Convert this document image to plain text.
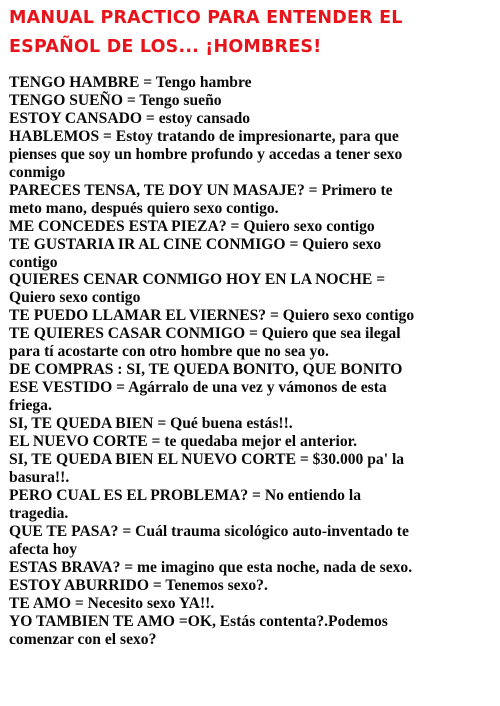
MANUAL PRACTICO PARA ENTENDER EL
ESPAÑOL DE LOS... ¡HOMBRES!
TENGO HAMBRE = Tengo hambre
TENGO SUEÑO = Tengo sueño
ESTOY CANSADO = estoy cansado
HABLEMOS = Estoy tratando de impresionarte, para que
pienses que soy un hombre profundo y accedas a tener sexo
conmigo
PARECES TENSA, TE DOY UN MASAJE? = Primero te
meto mano, después quiero sexo contigo.
ME CONCEDES ESTA PIEZA? = Quiero sexo contigo
TE GUSTARIA IR AL CINE CONMIGO = Quiero sexo
contigo
QUIERES CENAR CONMIGO HOY EN LA NOCHE =
Quiero sexo contigo
TE PUEDO LLAMAR EL VIERNES? = Quiero sexo contigo
TE QUIERES CASAR CONMIGO = Quiero que sea ilegal
para tí acostarte con otro hombre que no sea yo.
DE COMPRAS : SI, TE QUEDA BONITO, QUE BONITO
ESE VESTIDO = Agárralo de una vez y vámonos de esta
friega.
SI, TE QUEDA BIEN = Qué buena estás!!.
EL NUEVO CORTE = te quedaba mejor el anterior.
SI, TE QUEDA BIEN EL NUEVO CORTE = $30.000 pa' la
basura!!.
PERO CUAL ES EL PROBLEMA? = No entiendo la
tragedia.
QUE TE PASA? = Cuál trauma sicológico auto-inventado te
afecta hoy
ESTAS BRAVA? = me imagino que esta noche, nada de sexo.
ESTOY ABURRIDO = Tenemos sexo?.
TE AMO = Necesito sexo YA!!.
YO TAMBIEN TE AMO =OK, Estás contenta?.Podemos
comenzar con el sexo?
